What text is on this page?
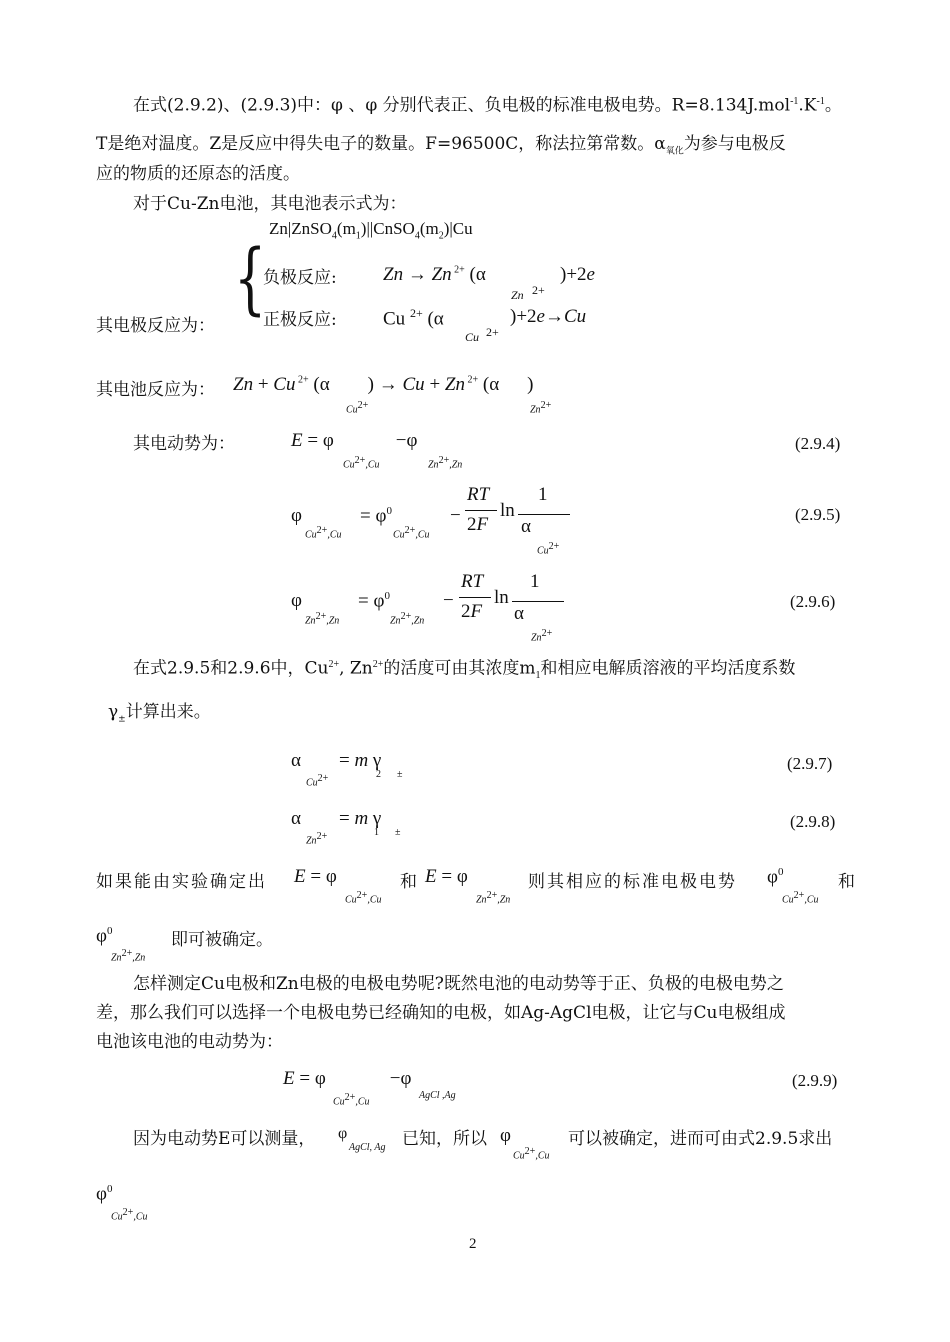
在式(2.9.2)、(2.9.3)中：φ 、φ 分别代表正、负电极的标准电极电势。$R=8.134J.mol^{-1}.K^{-1}$。
T是绝对温度。Z是反应中得失电子的数量。F=96500C，称法拉第常数。$\alpha_{氧化}$为参与电极反
应的物质的还原态的活度。
对于Cu-Zn电池，其电池表示式为：
$Zn|ZnSO_4(m_1)||CnSO_4(m_2)|Cu$
{
其电极反应为：
负极反应: Zn → Zn $^{2+}$ (α
Zn 2+
)+2e
正极反应: Cu $^{2+}$ (α
Cu 2+
)+2e→Cu
其电池反应为： Zn + Cu $^{2+}$ (α ) → Cu + Zn $^{2+}$ (α )
$Cu^{2+}$	$Zn^{2+}$
其电动势为：	E = φ	−φ
$Cu^{2+},Cu$	$Zn^{2+},Zn$
(2.9.4)
φ
$Cu^{2+},Cu$
= $\varphi^0$
$Cu^{2+},Cu$
−
RT
2F
ln
1
α
$Cu^{2+}$
(2.9.5)
φ
$Zn^{2+},Zn$
= $\varphi^0$
$Zn^{2+},Zn$
−
RT
2F
ln
1
α
$Zn^{2+}$
(2.9.6)
在式2.9.5和2.9.6中，$Cu^{2+}$, $Zn^{2+}$的活度可由其浓度$m_1$和相应电解质溶液的平均活度系数
$\gamma_\pm$计算出来。
α = m γ
$Cu^{2+}$	2 ±
(2.9.7)
α = m γ
$Zn^{2+}$	1 ±
(2.9.8)
如果能由实验确定出 E = φ
$Cu^{2+},Cu$
和 E = φ
$Zn^{2+},Zn$
则其相应的标准电极电势 $\varphi^0$
$Cu^{2+},Cu$
和
$\varphi^0$
$Zn^{2+},Zn$
即可被确定。
怎样测定Cu电极和Zn电极的电极电势呢?既然电池的电动势等于正、负极的电极电势之
差，那么我们可以选择一个电极电势已经确知的电极，如Ag-AgCl电极，让它与Cu电极组成
电池该电池的电动势为：
E = φ	−φ
$Cu^{2+},Cu$
AgCl ,Ag
(2.9.9)
因为电动势E可以测量， φ
AgCl, Ag 已知，所以 φ
$Cu^{2+},Cu$
可以被确定，进而可由式2.9.5求出
$\varphi^0$
$Cu^{2+},Cu$
2
